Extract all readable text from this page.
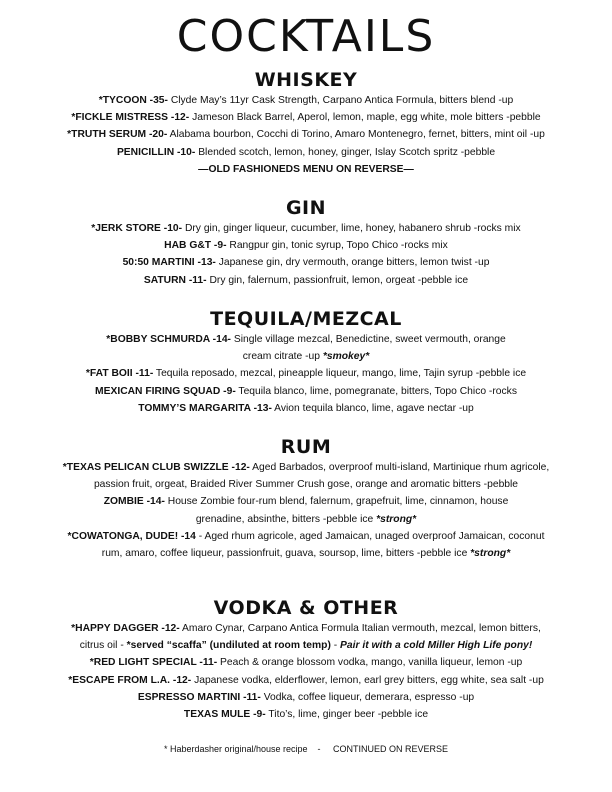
COCKTAILS
WHISKEY
*TYCOON -35- Clyde May’s 11yr Cask Strength, Carpano Antica Formula, bitters blend -up
*FICKLE MISTRESS -12- Jameson Black Barrel, Aperol, lemon, maple, egg white, mole bitters -pebble
*TRUTH SERUM -20- Alabama bourbon, Cocchi di Torino, Amaro Montenegro, fernet, bitters, mint oil -up
PENICILLIN -10- Blended scotch, lemon, honey, ginger, Islay Scotch spritz -pebble
—OLD FASHIONEDS MENU ON REVERSE—
GIN
*JERK STORE -10- Dry gin, ginger liqueur, cucumber, lime, honey, habanero shrub -rocks mix
HAB G&T -9- Rangpur gin, tonic syrup, Topo Chico -rocks mix
50:50 MARTINI -13- Japanese gin, dry vermouth, orange bitters, lemon twist -up
SATURN -11- Dry gin, falernum, passionfruit, lemon, orgeat -pebble ice
TEQUILA/MEZCAL
*BOBBY SCHMURDA -14- Single village mezcal, Benedictine, sweet vermouth, orange
cream citrate -up *smokey*
*FAT BOII -11- Tequila reposado, mezcal, pineapple liqueur, mango, lime, Tajin syrup -pebble ice
MEXICAN FIRING SQUAD -9- Tequila blanco, lime, pomegranate, bitters, Topo Chico -rocks
TOMMY’S MARGARITA -13- Avion tequila blanco, lime, agave nectar -up
RUM
*TEXAS PELICAN CLUB SWIZZLE -12- Aged Barbados, overproof multi-island, Martinique rhum agricole,
passion fruit, orgeat, Braided River Summer Crush gose, orange and aromatic bitters -pebble
ZOMBIE -14- House Zombie four-rum blend, falernum, grapefruit, lime, cinnamon, house
grenadine, absinthe, bitters -pebble ice *strong*
*COWATONGA, DUDE! -14 - Aged rhum agricole, aged Jamaican, unaged overproof Jamaican, coconut
rum, amaro, coffee liqueur, passionfruit, guava, soursop, lime, bitters -pebble ice *strong*
VODKA & OTHER
*HAPPY DAGGER -12- Amaro Cynar, Carpano Antica Formula Italian vermouth, mezcal, lemon bitters,
citrus oil - *served “scaffa” (undiluted at room temp) - Pair it with a cold Miller High Life pony!
*RED LIGHT SPECIAL -11- Peach & orange blossom vodka, mango, vanilla liqueur, lemon -up
*ESCAPE FROM L.A. -12- Japanese vodka, elderflower, lemon, earl grey bitters, egg white, sea salt -up
ESPRESSO MARTINI -11- Vodka, coffee liqueur, demerara, espresso -up
TEXAS MULE -9- Tito’s, lime, ginger beer -pebble ice
* Haberdasher original/house recipe    -     CONTINUED ON REVERSE
